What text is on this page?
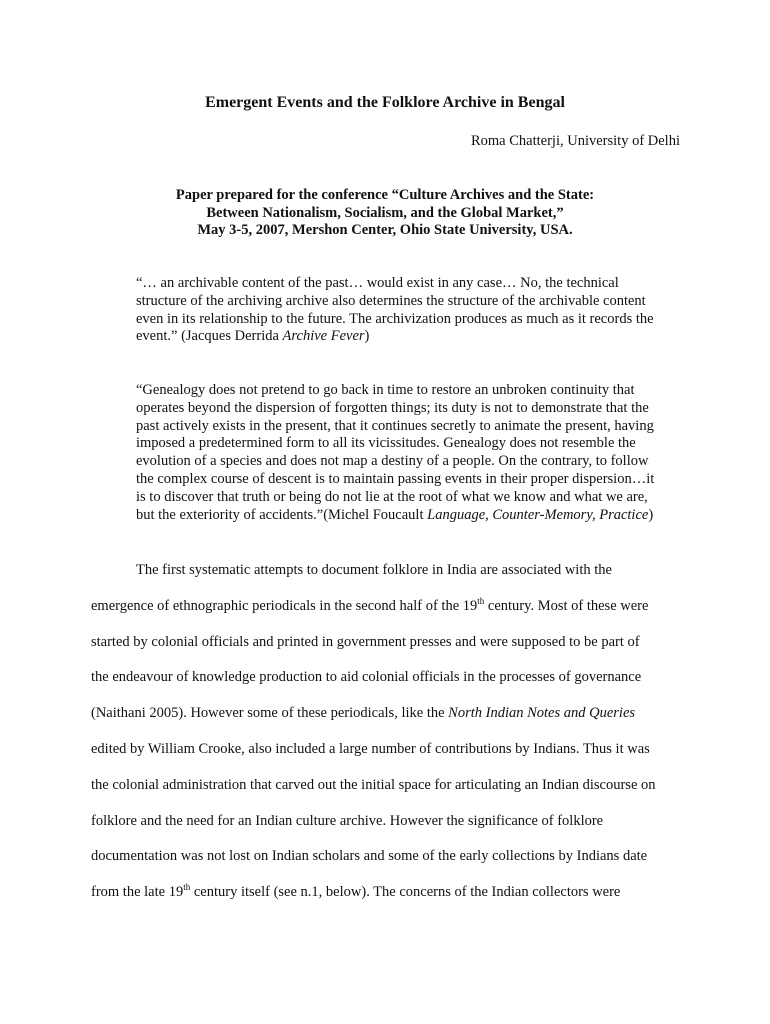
Emergent Events and the Folklore Archive in Bengal
Roma Chatterji, University of Delhi
Paper prepared for the conference “Culture Archives and the State:
Between Nationalism, Socialism, and the Global Market,”
May 3-5, 2007, Mershon Center, Ohio State University, USA.
“… an archivable content of the past… would exist in any case… No, the technical
structure of the archiving archive also determines the structure of the archivable content
even in its relationship to the future. The archivization produces as much as it records the
event.” (Jacques Derrida Archive Fever)
“Genealogy does not pretend to go back in time to restore an unbroken continuity that
operates beyond the dispersion of forgotten things; its duty is not to demonstrate that the
past actively exists in the present, that it continues secretly to animate the present, having
imposed a predetermined form to all its vicissitudes. Genealogy does not resemble the
evolution of a species and does not map a destiny of a people. On the contrary, to follow
the complex course of descent is to maintain passing events in their proper dispersion…it
is to discover that truth or being do not lie at the root of what we know and what we are,
but the exteriority of accidents.”(Michel Foucault Language, Counter-Memory, Practice)
The first systematic attempts to document folklore in India are associated with the
emergence of ethnographic periodicals in the second half of the 19th century. Most of these were
started by colonial officials and printed in government presses and were supposed to be part of
the endeavour of knowledge production to aid colonial officials in the processes of governance
(Naithani 2005). However some of these periodicals, like the North Indian Notes and Queries
edited by William Crooke, also included a large number of contributions by Indians. Thus it was
the colonial administration that carved out the initial space for articulating an Indian discourse on
folklore and the need for an Indian culture archive. However the significance of folklore
documentation was not lost on Indian scholars and some of the early collections by Indians date
from the late 19th century itself (see n.1, below). The concerns of the Indian collectors were
